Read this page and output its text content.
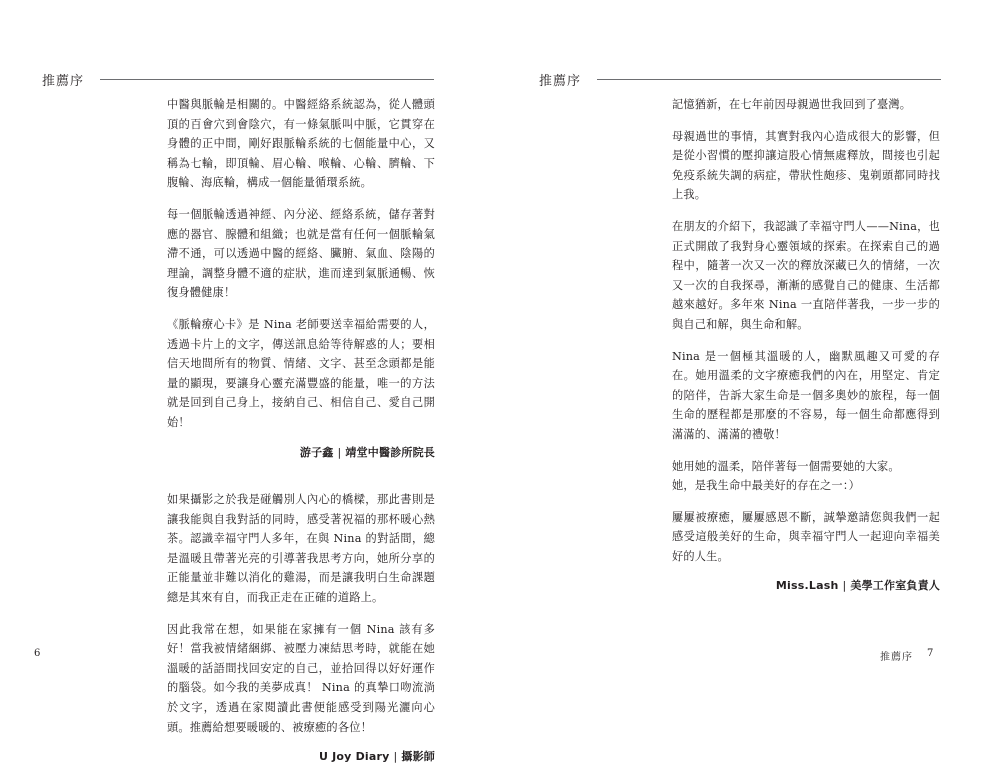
推薦序

中醫與脈輪是相關的。中醫經絡系統認為，從人體頭頂的百會穴到會陰穴，有一條氣脈叫中脈，它貫穿在身體的正中間，剛好跟脈輪系統的七個能量中心，又稱為七輪，即頂輪、眉心輪、喉輪、心輪、臍輪、下腹輪、海底輪，構成一個能量循環系統。

每一個脈輪透過神經、內分泌、經絡系統，儲存著對應的器官、腺體和組織；也就是當有任何一個脈輪氣滯不通，可以透過中醫的經絡、臟腑、氣血、陰陽的理論，調整身體不適的症狀，進而達到氣脈通暢、恢復身體健康！

《脈輪療心卡》是 Nina 老師要送幸福給需要的人，透過卡片上的文字，傳送訊息給等待解惑的人；要相信天地間所有的物質、情緒、文字、甚至念頭都是能量的顯現，要讓身心靈充滿豐盛的能量，唯一的方法就是回到自己身上，接納自己、相信自己、愛自己開始！

游子鑫 | 靖堂中醫診所院長

如果攝影之於我是碰觸別人內心的橋樑，那此書則是讓我能與自我對話的同時，感受著祝福的那杯暖心熱茶。認識幸福守門人多年，在與 Nina 的對話間，總是溫暖且帶著光亮的引導著我思考方向，她所分享的正能量並非難以消化的雞湯，而是讓我明白生命課題總是其來有自，而我正走在正確的道路上。

因此我常在想，如果能在家擁有一個 Nina 該有多好！當我被情緒綑綁、被壓力凍結思考時，就能在她溫暖的話語間找回安定的自己，並拾回得以好好運作的腦袋。如今我的美夢成真！ Nina 的真摯口吻流淌於文字，透過在家閱讀此書便能感受到陽光灑向心頭。推薦給想要暖暖的、被療癒的各位！

U Joy Diary | 攝影師

6
推薦序

記憶猶新，在七年前因母親過世我回到了臺灣。

母親過世的事情，其實對我內心造成很大的影響，但是從小習慣的壓抑讓這股心情無處釋放，間接也引起免疫系統失調的病症，帶狀性皰疹、鬼剃頭都同時找上我。

在朋友的介紹下，我認識了幸福守門人——Nina，也正式開啟了我對身心靈領域的探索。在探索自己的過程中，隨著一次又一次的釋放深藏已久的情緒，一次又一次的自我探尋，漸漸的感覺自己的健康、生活都越來越好。多年來 Nina 一直陪伴著我，一步一步的與自己和解，與生命和解。

Nina 是一個極其溫暖的人，幽默風趣又可愛的存在。她用溫柔的文字療癒我們的內在，用堅定、肯定的陪伴，告訴大家生命是一個多奧妙的旅程，每一個生命的歷程都是那麼的不容易，每一個生命都應得到滿滿的、滿滿的禮敬！

她用她的溫柔，陪伴著每一個需要她的大家。
她，是我生命中最美好的存在之一：）

屢屢被療癒，屢屢感恩不斷，誠摯邀請您與我們一起感受這般美好的生命，與幸福守門人一起迎向幸福美好的人生。

Miss.Lash | 美學工作室負責人

推薦序 7
